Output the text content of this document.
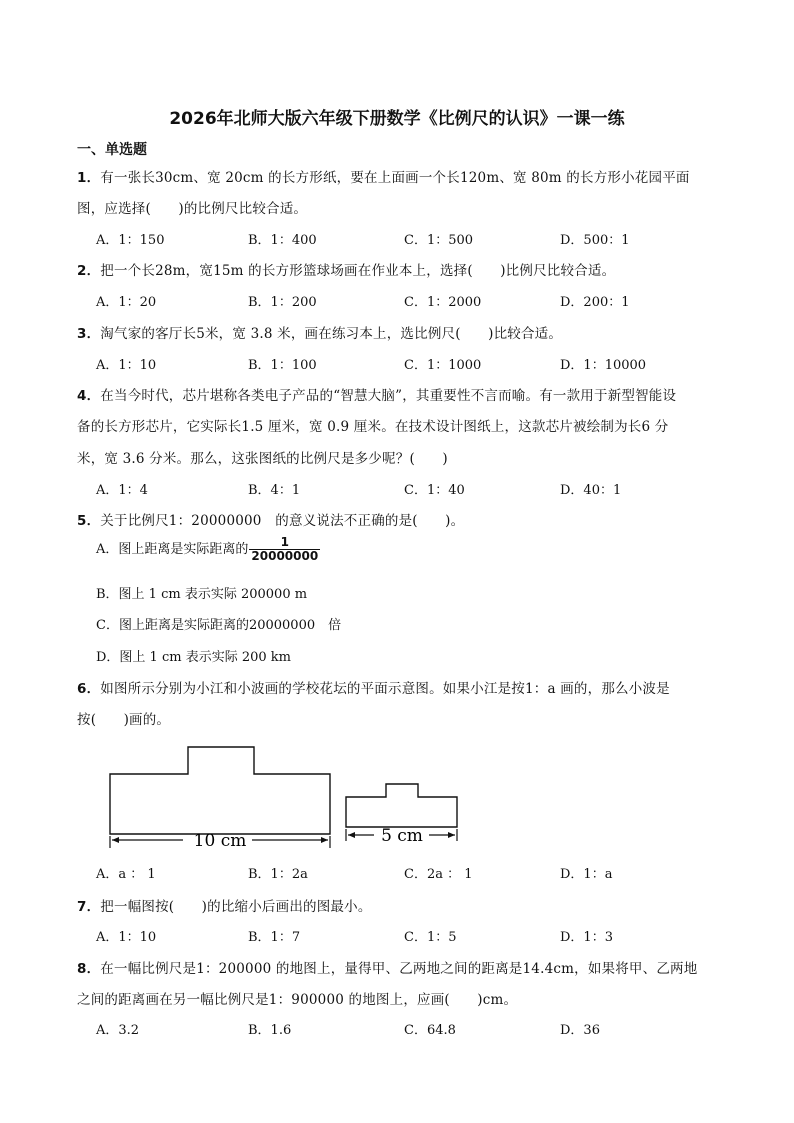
2026年北师大版六年级下册数学《比例尺的认识》一课一练
一、单选题
1．有一张长30cm、宽 20cm 的长方形纸，要在上面画一个长120m、宽 80m 的长方形小花园平面
图，应选择(　　)的比例尺比较合适。
A．1：150	B．1：400	C．1：500	D．500：1
2．把一个长28m，宽15m 的长方形篮球场画在作业本上，选择(　　)比例尺比较合适。
A．1：20	B．1：200	C．1：2000	D．200：1
3．淘气家的客厅长5米，宽 3.8 米，画在练习本上，选比例尺(　　)比较合适。
A．1：10	B．1：100	C．1：1000	D．1：10000
4．在当今时代，芯片堪称各类电子产品的“智慧大脑”，其重要性不言而喻。有一款用于新型智能设
备的长方形芯片，它实际长1.5 厘米，宽 0.9 厘米。在技术设计图纸上，这款芯片被绘制为长6 分
米，宽 3.6 分米。那么，这张图纸的比例尺是多少呢？(　　)
A．1：4	B．4：1	C．1：40	D．40：1
5．关于比例尺1：20000000　的意义说法不正确的是(　　)。
A．图上距离是实际距离的 $\frac{1}{20000000}$
B．图上 1 cm 表示实际 200000 m
C．图上距离是实际距离的20000000　倍
D．图上 1 cm 表示实际 200 km
6．如图所示分别为小江和小波画的学校花坛的平面示意图。如果小江是按1：a 画的，那么小波是
按(　　)画的。
10 cm	5 cm
A．a ： 1	B．1：2a	C．2a ： 1	D．1：a
7．把一幅图按(　　)的比缩小后画出的图最小。
A．1：10	B．1：7	C．1：5	D．1：3
8．在一幅比例尺是1：200000 的地图上，量得甲、乙两地之间的距离是14.4cm，如果将甲、乙两地
之间的距离画在另一幅比例尺是1：900000 的地图上，应画(　　)cm。
A．3.2	B．1.6	C．64.8	D．36
